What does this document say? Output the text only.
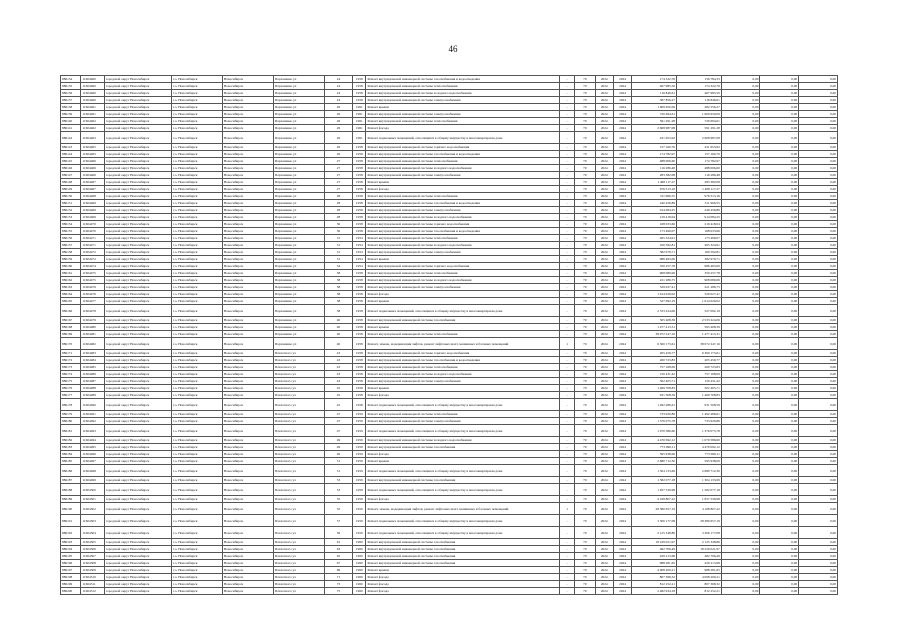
46
886134	11604460	городской округ Новосибирск	г.о. Новосибирск	Новосибирск	Пархоменко ул	24	1958	Ремонт внутридомовой инженерной системы газоснабжения и водоотведения	-	70	2024	2024	174 322,76	156 784,33	0,00	0,00	0,00
886135	11604460	городской округ Новосибирск	г.о. Новосибирск	Новосибирск	Пархоменко ул	24	1958	Ремонт внутридомовой инженерной системы теплоснабжения	-	70	2024	2024	467 985,50	174 322,76	0,00	0,00	0,00
886136	11604460	городской округ Новосибирск	г.о. Новосибирск	Новосибирск	Пархоменко ул	24	1958	Ремонт внутридомовой инженерной системы холодного водоснабжения	-	70	2024	2024	116 846,61	467 985,50	0,00	0,00	0,00
886137	11604460	городской округ Новосибирск	г.о. Новосибирск	Новосибирск	Пархоменко ул	24	1958	Ремонт внутридомовой инженерной системы электроснабжения	-	70	2024	2024	387 856,27	116 846,61	0,00	0,00	0,00
886138	11604461	городской округ Новосибирск	г.о. Новосибирск	Новосибирск	Пархоменко ул	26	1961	Ремонт крыши	-	70	2024	2024	1 609 650,09	282 556,27	0,00	0,00	0,00
886139	11604461	городской округ Новосибирск	г.о. Новосибирск	Новосибирск	Пархоменко ул	26	1961	Ремонт внутридомовой инженерной системы электроснабжения	-	70	2024	2024	720 694,61	1 609 650,09	0,00	0,00	0,00
886140	11604462	городской округ Новосибирск	г.о. Новосибирск	Новосибирск	Пархоменко ул	26	1961	Ремонт внутридомовой инженерной системы теплоснабжения	-	70	2024	2024	591 291,28	720 694,61	0,00	0,00	0,00
886141	11604462	городской округ Новосибирск	г.о. Новосибирск	Новосибирск	Пархоменко ул	26	1961	Ремонт фасада	-	70	2024	2024	2 608 987,08	591 291,28	0,00	0,00	0,00
886142	11604463	городской округ Новосибирск	г.о. Новосибирск	Новосибирск	Пархоменко ул	26	1961	Ремонт подвальных помещений, относящихся к общему имуществу в многоквартирном доме	-	70	2024	2024	431 653,92	2 608 987,08	0,00	0,00	0,00
886143	11604465	городской округ Новосибирск	г.о. Новосибирск	Новосибирск	Пархоменко ул	26	1958	Ремонт внутридомовой инженерной системы горячего водоснабжения	-	70	2024	2024	157 160,70	431 653,92	0,00	0,00	0,00
886144	11604465	городской округ Новосибирск	г.о. Новосибирск	Новосибирск	Пархоменко ул	26	1958	Ремонт внутридомовой инженерной системы газоснабжения и водоотведения	-	70	2024	2024	174 782,97	157 160,70	0,00	0,00	0,00
886145	11604466	городской округ Новосибирск	г.о. Новосибирск	Новосибирск	Пархоменко ул	27	1958	Ремонт внутридомовой инженерной системы теплоснабжения	-	70	2024	2024	488 006,60	174 782,97	0,00	0,00	0,00
886146	11604466	городской округ Новосибирск	г.о. Новосибирск	Новосибирск	Пархоменко ул	27	1958	Ремонт внутридомовой инженерной системы холодного водоснабжения	-	70	2024	2024	116 286,48	488 006,60	0,00	0,00	0,00
886147	11604466	городской округ Новосибирск	г.о. Новосибирск	Новосибирск	Пархоменко ул	27	1958	Ремонт внутридомовой инженерной системы электроснабжения	-	70	2024	2024	283 382,08	116 286,48	0,00	0,00	0,00
886148	11604467	городской округ Новосибирск	г.о. Новосибирск	Новосибирск	Пархоменко ул	27	1958	Ремонт крыши	-	70	2024	2024	1 468 117,27	283 382,08	0,00	0,00	0,00
886149	11604467	городской округ Новосибирск	г.о. Новосибирск	Новосибирск	Пархоменко ул	27	1958	Ремонт фасада	-	70	2024	2024	976 513,16	1 468 117,27	0,00	0,00	0,00
886150	11604468	городской округ Новосибирск	г.о. Новосибирск	Новосибирск	Пархоменко ул	28	1958	Ремонт внутридомовой инженерной системы теплоснабжения	-	70	2024	2024	311 966,55	976 513,16	0,00	0,00	0,00
886151	11604469	городской округ Новосибирск	г.о. Новосибирск	Новосибирск	Пархоменко ул	28	1958	Ремонт внутридомовой инженерной системы газоснабжения и водоотведения	-	70	2024	2024	240 456,89	311 966,55	0,00	0,00	0,00
886152	11604469	городской округ Новосибирск	г.о. Новосибирск	Новосибирск	Пархоменко ул	28	1958	Ремонт внутридомовой инженерной системы электроснабжения	-	70	2024	2024	914 084,25	240 456,89	0,00	0,00	0,00
886153	11604469	городской округ Новосибирск	г.о. Новосибирск	Новосибирск	Пархоменко ул	28	1958	Ремонт внутридомовой инженерной системы холодного водоснабжения	-	70	2024	2024	219 418,04	914 084,25	0,00	0,00	0,00
886154	11604470	городской округ Новосибирск	г.о. Новосибирск	Новосибирск	Пархоменко ул	30	1958	Ремонт внутридомовой инженерной системы горячего водоснабжения	-	70	2024	2024	168 033,66	219 418,04	0,00	0,00	0,00
886155	11604470	городской округ Новосибирск	г.о. Новосибирск	Новосибирск	Пархоменко ул	30	1958	Ремонт внутридомовой инженерной системы газоснабжения и водоотведения	-	70	2024	2024	173 499,07	168 033,66	0,00	0,00	0,00
886156	11604471	городской округ Новосибирск	г.о. Новосибирск	Новосибирск	Пархоменко ул	31	1954	Ремонт внутридомовой инженерной системы теплоснабжения	-	70	2024	2024	465 324,91	173 499,07	0,00	0,00	0,00
886157	11604471	городской округ Новосибирск	г.о. Новосибирск	Новосибирск	Пархоменко ул	31	1954	Ремонт внутридомовой инженерной системы холодного водоснабжения	-	70	2024	2024	160 592,81	465 324,91	0,00	0,00	0,00
886158	11604472	городской округ Новосибирск	г.о. Новосибирск	Новосибирск	Пархоменко ул	31	1954	Ремонт внутридомовой инженерной системы электроснабжения	-	70	2024	2024	382 979,71	160 592,81	0,00	0,00	0,00
886159	11604472	городской округ Новосибирск	г.о. Новосибирск	Новосибирск	Пархоменко ул	31	1954	Ремонт крыши	-	70	2024	2024	986 463,00	382 979,71	0,00	0,00	0,00
886160	11604474	городской округ Новосибирск	г.о. Новосибирск	Новосибирск	Пархоменко ул	34	1954	Ремонт внутридомовой инженерной системы горячего водоснабжения	-	70	2024	2024	350 257,78	986 463,00	0,00	0,00	0,00
886161	11604475	городской округ Новосибирск	г.о. Новосибирск	Новосибирск	Пархоменко ул	38	1958	Ремонт внутридомовой инженерной системы теплоснабжения	-	70	2024	2024	908 080,06	350 257,78	0,00	0,00	0,00
886162	11604475	городской округ Новосибирск	г.о. Новосибирск	Новосибирск	Пархоменко ул	38	1958	Ремонт внутридомовой инженерной системы холодного водоснабжения	-	70	2024	2024	221 286,75	908 080,06	0,00	0,00	0,00
886163	11604476	городской округ Новосибирск	г.о. Новосибирск	Новосибирск	Пархоменко ул	38	1958	Ремонт внутридомовой инженерной системы электроснабжения	-	70	2024	2024	529 027,41	221 286,75	0,00	0,00	0,00
886164	11604476	городской округ Новосибирск	г.о. Новосибирск	Новосибирск	Пархоменко ул	38	1958	Ремонт фасада	-	70	2024	2024	1 614 029,02	529 027,41	0,00	0,00	0,00
886165	11604477	городской округ Новосибирск	г.о. Новосибирск	Новосибирск	Пархоменко ул	38	1958	Ремонт крыши	-	70	2024	2024	527 092,19	1 614 029,02	0,00	0,00	0,00
886166	11604478	городской округ Новосибирск	г.о. Новосибирск	Новосибирск	Пархоменко ул	38	1958	Ремонт подвальных помещений, относящихся к общему имуществу в многоквартирном доме	-	70	2024	2024	2 533 224,06	527 092,19	0,00	0,00	0,00
886167	11604479	городской округ Новосибирск	г.о. Новосибирск	Новосибирск	Пархоменко ул	40	1958	Ремонт внутридомовой инженерной системы газоснабжения	-	70	2024	2024	565 408,39	2 533 224,06	0,00	0,00	0,00
886168	11604480	городской округ Новосибирск	г.о. Новосибирск	Новосибирск	Пархоменко ул	40	1958	Ремонт крыши	-	70	2024	2024	1 477 413,31	565 408,39	0,00	0,00	0,00
886169	11604481	городской округ Новосибирск	г.о. Новосибирск	Новосибирск	Пархоменко ул	40	1958	Ремонт внутридомовой инженерной системы теплоснабжения	-	70	2024	2024	38 072 247,16	1 477 413,31	0,00	0,00	0,00
886170	11604482	городской округ Новосибирск	г.о. Новосибирск	Новосибирск	Пархоменко ул	40	1958	Ремонт, замена, модернизация лифтов, ремонт лифтовых шахт, машинных и блочных помещений	1	70	2024	2024	6 300 173,61	38 072 247,16	0,00	0,00	0,00
886171	11604483	городской округ Новосибирск	г.о. Новосибирск	Новосибирск	Плахотного ул	43	1958	Ремонт внутридомовой инженерной системы горячего водоснабжения	-	70	2024	2024	205 459,77	6 300 173,61	0,00	0,00	0,00
886172	11604484	городской округ Новосибирск	г.о. Новосибирск	Новосибирск	Плахотного ул	43	1958	Ремонт внутридомовой инженерной системы газоснабжения и водоотведения	-	70	2024	2024	260 723,83	205 459,77	0,00	0,00	0,00
886173	11604485	городской округ Новосибирск	г.о. Новосибирск	Новосибирск	Плахотного ул	43	1958	Ремонт внутридомовой инженерной системы теплоснабжения	-	70	2024	2024	757 168,09	260 723,83	0,00	0,00	0,00
886174	11604486	городской округ Новосибирск	г.о. Новосибирск	Новосибирск	Плахотного ул	43	1958	Ремонт внутридомовой инженерной системы холодного водоснабжения	-	70	2024	2024	150 431,42	757 168,09	0,00	0,00	0,00
886175	11604487	городской округ Новосибирск	г.о. Новосибирск	Новосибирск	Плахотного ул	43	1958	Ремонт внутридомовой инженерной системы электроснабжения	-	70	2024	2024	502 405,71	150 431,42	0,00	0,00	0,00
886176	11604488	городской округ Новосибирск	г.о. Новосибирск	Новосибирск	Плахотного ул	45	1958	Ремонт крыши	-	70	2024	2024	1 469 708,83	502 405,71	0,00	0,00	0,00
886177	11604489	городской округ Новосибирск	г.о. Новосибирск	Новосибирск	Плахотного ул	45	1958	Ремонт фасада	-	70	2024	2024	931 508,59	1 469 708,83	0,00	0,00	0,00
886178	11604490	городской округ Новосибирск	г.о. Новосибирск	Новосибирск	Плахотного ул	45	1958	Ремонт подвальных помещений, относящихся к общему имуществу в многоквартирном доме	-	70	2024	2024	1 492 286,61	931 508,59	0,00	0,00	0,00
886179	11604491	городской округ Новосибирск	г.о. Новосибирск	Новосибирск	Плахотного ул	47	1959	Ремонт внутридомовой инженерной системы теплоснабжения	-	70	2024	2024	733 920,86	1 492 286,61	0,00	0,00	0,00
886180	11604492	городской округ Новосибирск	г.о. Новосибирск	Новосибирск	Плахотного ул	47	1959	Ремонт внутридомовой инженерной системы электроснабжения	-	70	2024	2024	1 376 075,78	733 920,86	0,00	0,00	0,00
886181	11604493	городской округ Новосибирск	г.о. Новосибирск	Новосибирск	Плахотного ул	47	1959	Ремонт подвальных помещений, относящихся к общему имуществу в многоквартирном доме	-	70	2024	2024	1 070 586,60	1 376 075,78	0,00	0,00	0,00
886182	11604494	городской округ Новосибирск	г.о. Новосибирск	Новосибирск	Плахотного ул	49	1959	Ремонт внутридомовой инженерной системы холодного водоснабжения	-	70	2024	2024	4 470 092,12	1 070 586,60	0,00	0,00	0,00
886183	11604495	городской округ Новосибирск	г.о. Новосибирск	Новосибирск	Плахотного ул	49	1959	Ремонт внутридомовой инженерной системы газоснабжения	-	70	2024	2024	773 096,11	4 470 092,12	0,00	0,00	0,00
886184	11604496	городской округ Новосибирск	г.о. Новосибирск	Новосибирск	Плахотного ул	49	1959	Ремонт фасада	-	70	2024	2024	595 938,06	773 096,11	0,00	0,00	0,00
886185	11604497	городской округ Новосибирск	г.о. Новосибирск	Новосибирск	Плахотного ул	51	1959	Ремонт крыши	-	70	2024	2024	2 680 712,30	595 938,06	0,00	0,00	0,00
886186	11604498	городской округ Новосибирск	г.о. Новосибирск	Новосибирск	Плахотного ул	51	1959	Ремонт подвальных помещений, относящихся к общему имуществу в многоквартирном доме	-	70	2024	2024	1 304 133,69	2 680 712,30	0,00	0,00	0,00
886187	11604499	городской округ Новосибирск	г.о. Новосибирск	Новосибирск	Плахотного ул	53	1959	Ремонт внутридомовой инженерной системы газоснабжения	-	70	2024	2024	1 582 077,18	1 304 133,69	0,00	0,00	0,00
886188	11604500	городской округ Новосибирск	г.о. Новосибирск	Новосибирск	Плахотного ул	53	1959	Ремонт подвальных помещений, относящихся к общему имуществу в многоквартирном доме	-	70	2024	2024	1 657 539,98	1 582 077,18	0,00	0,00	0,00
886189	11604501	городской округ Новосибирск	г.о. Новосибирск	Новосибирск	Плахотного ул	55	1959	Ремонт фасада	-	70	2024	2024	4 168 807,22	1 657 539,98	0,00	0,00	0,00
886190	11604502	городской округ Новосибирск	г.о. Новосибирск	Новосибирск	Плахотного ул	55	1959	Ремонт, замена, модернизация лифтов, ремонт лифтовых шахт, машинных и блочных помещений	1	70	2024	2024	28 380 657,19	4 168 807,22	0,00	0,00	0,00
886191	11604503	городской округ Новосибирск	г.о. Новосибирск	Новосибирск	Плахотного ул	57	1959	Ремонт подвальных помещений, относящихся к общему имуществу в многоквартирном доме	-	70	2024	2024	3 306 177,08	28 380 657,19	0,00	0,00	0,00
886192	11604504	городской округ Новосибирск	г.о. Новосибирск	Новосибирск	Плахотного ул	59	1959	Ремонт подвальных помещений, относящихся к общему имуществу в многоквартирном доме	-	70	2024	2024	2 125 348,86	3 306 177,08	0,00	0,00	0,00
886193	11604505	городской округ Новосибирск	г.о. Новосибирск	Новосибирск	Плахотного ул	61	1960	Ремонт внутридомовой инженерной системы газоснабжения	-	70	2024	2024	18 229 021,97	2 125 348,86	0,00	0,00	0,00
886194	11604506	городской округ Новосибирск	г.о. Новосибирск	Новосибирск	Плахотного ул	63	1960	Ремонт внутридомовой инженерной системы газоснабжения	-	70	2024	2024	482 706,49	18 229 021,97	0,00	0,00	0,00
886195	11604507	городской округ Новосибирск	г.о. Новосибирск	Новосибирск	Плахотного ул	65	1960	Ремонт внутридомовой инженерной системы газоснабжения	-	70	2024	2024	429 213,68	482 706,49	0,00	0,00	0,00
886196	11604508	городской округ Новосибирск	г.о. Новосибирск	Новосибирск	Плахотного ул	67	1960	Ремонт внутридомовой инженерной системы газоснабжения	-	70	2024	2024	988 281,65	429 213,68	0,00	0,00	0,00
886197	11604509	городской округ Новосибирск	г.о. Новосибирск	Новосибирск	Плахотного ул	69	1960	Ремонт крыши	-	70	2024	2024	4 008 200,21	988 281,65	0,00	0,00	0,00
886198	11604510	городской округ Новосибирск	г.о. Новосибирск	Новосибирск	Плахотного ул	71	1960	Ремонт фасада	-	70	2024	2024	807 368,32	4 008 200,21	0,00	0,00	0,00
886199	11604511	городской округ Новосибирск	г.о. Новосибирск	Новосибирск	Плахотного ул	73	1960	Ремонт фасада	-	70	2024	2024	812 252,21	807 368,32	0,00	0,00	0,00
886200	11604512	городской округ Новосибирск	г.о. Новосибирск	Новосибирск	Плахотного ул	75	1960	Ремонт фасада	-	70	2024	2024	2 482 934,18	812 252,21	0,00	0,00	0,00
